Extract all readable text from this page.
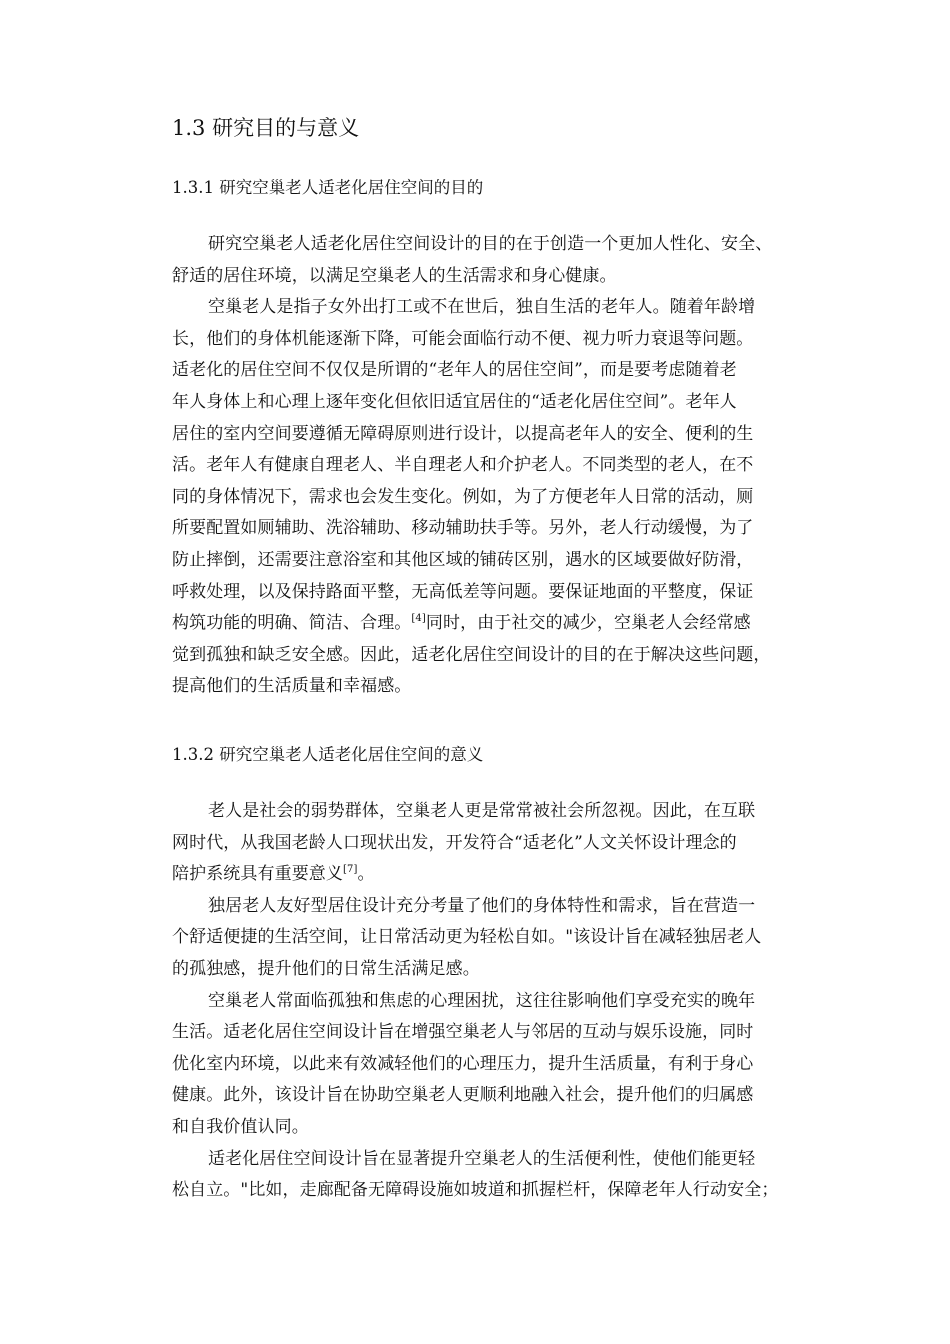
1.3 研究目的与意义
1.3.1 研究空巢老人适老化居住空间的目的

研究空巢老人适老化居住空间设计的目的在于创造一个更加人性化、安全、
舒适的居住环境，以满足空巢老人的生活需求和身心健康。

空巢老人是指子女外出打工或不在世后，独自生活的老年人。随着年龄增
长，他们的身体机能逐渐下降，可能会面临行动不便、视力听力衰退等问题。
适老化的居住空间不仅仅是所谓的“老年人的居住空间”，而是要考虑随着老
年人身体上和心理上逐年变化但依旧适宜居住的“适老化居住空间”。老年人
居住的室内空间要遵循无障碍原则进行设计，以提高老年人的安全、便利的生
活。老年人有健康自理老人、半自理老人和介护老人。不同类型的老人，在不
同的身体情况下，需求也会发生变化。例如，为了方便老年人日常的活动，厕
所要配置如厕辅助、洗浴辅助、移动辅助扶手等。另外，老人行动缓慢，为了
防止摔倒，还需要注意浴室和其他区域的铺砖区别，遇水的区域要做好防滑，
呼救处理，以及保持路面平整，无高低差等问题。要保证地面的平整度，保证
构筑功能的明确、简洁、合理。[4]同时，由于社交的减少，空巢老人会经常感
觉到孤独和缺乏安全感。因此，适老化居住空间设计的目的在于解决这些问题，
提高他们的生活质量和幸福感。

1.3.2 研究空巢老人适老化居住空间的意义

老人是社会的弱势群体，空巢老人更是常常被社会所忽视。因此，在互联
网时代，从我国老龄人口现状出发，开发符合“适老化”人文关怀设计理念的
陪护系统具有重要意义[7]。

独居老人友好型居住设计充分考量了他们的身体特性和需求，旨在营造一
个舒适便捷的生活空间，让日常活动更为轻松自如。"该设计旨在减轻独居老人
的孤独感，提升他们的日常生活满足感。

空巢老人常面临孤独和焦虑的心理困扰，这往往影响他们享受充实的晚年
生活。适老化居住空间设计旨在增强空巢老人与邻居的互动与娱乐设施，同时
优化室内环境，以此来有效减轻他们的心理压力，提升生活质量，有利于身心
健康。此外，该设计旨在协助空巢老人更顺利地融入社会，提升他们的归属感
和自我价值认同。

适老化居住空间设计旨在显著提升空巢老人的生活便利性，使他们能更轻
松自立。"比如，走廊配备无障碍设施如坡道和抓握栏杆，保障老年人行动安全；
